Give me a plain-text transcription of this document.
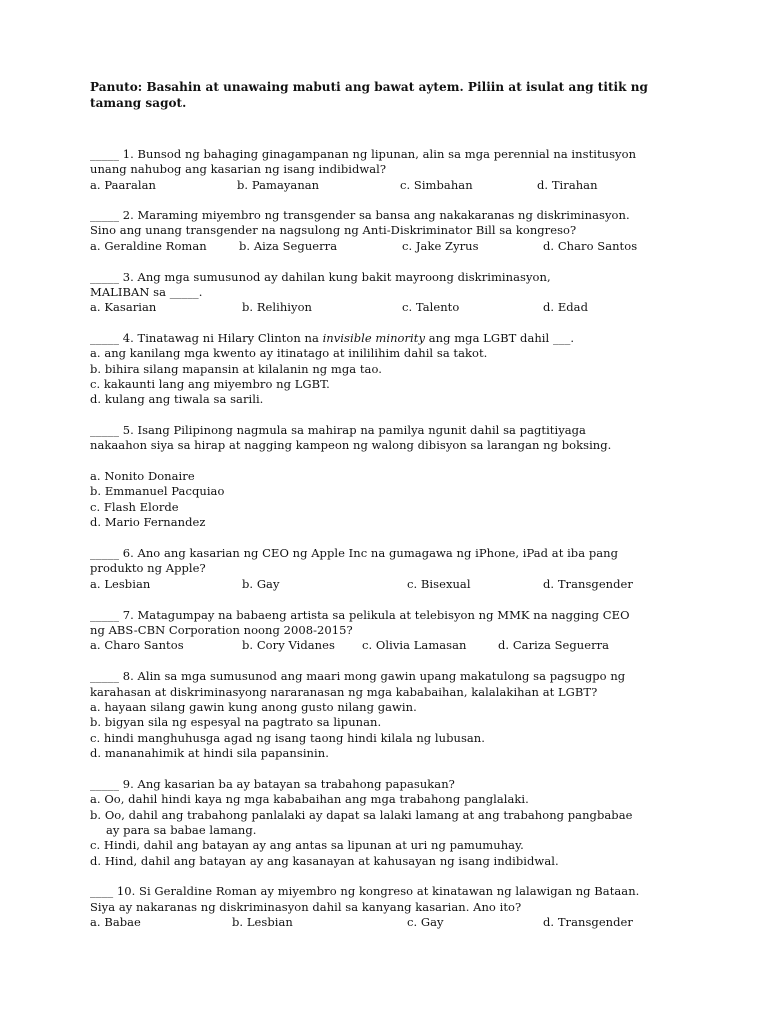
Panuto: Basahin at unawaing mabuti ang bawat aytem. Piliin at isulat ang titik ng
tamang sagot.
_____ 1. Bunsod ng bahaging ginagampanan ng lipunan, alin sa mga perennial na institusyon
unang nahubog ang kasarian ng isang indibidwal?
a. Paaralan	b. Pamayanan	c. Simbahan	d. Tirahan
_____ 2. Maraming miyembro ng transgender sa bansa ang nakakaranas ng diskriminasyon.
Sino ang unang transgender na nagsulong ng Anti-Diskriminator Bill sa kongreso?
a. Geraldine Roman	b. Aiza Seguerra	c. Jake Zyrus	d. Charo Santos
_____ 3. Ang mga sumusunod ay dahilan kung bakit mayroong diskriminasyon,
MALIBAN sa _____.
a. Kasarian	b. Relihiyon	c. Talento	d. Edad
_____ 4. Tinatawag ni Hilary Clinton na invisible minority ang mga LGBT dahil ___.
a. ang kanilang mga kwento ay itinatago at inililihim dahil sa takot.
b. bihira silang mapansin at kilalanin ng mga tao.
c. kakaunti lang ang miyembro ng LGBT.
d. kulang ang tiwala sa sarili.
_____ 5. Isang Pilipinong nagmula sa mahirap na pamilya ngunit dahil sa pagtitiyaga
nakaahon siya sa hirap at nagging kampeon ng walong dibisyon sa larangan ng boksing.
a. Nonito Donaire
b. Emmanuel Pacquiao
c. Flash Elorde
d. Mario Fernandez
_____ 6. Ano ang kasarian ng CEO ng Apple Inc na gumagawa ng iPhone, iPad at iba pang
produkto ng Apple?
a. Lesbian	b. Gay	c. Bisexual	d. Transgender
_____ 7. Matagumpay na babaeng artista sa pelikula at telebisyon ng MMK na nagging CEO
ng ABS-CBN Corporation noong 2008-2015?
a. Charo Santos	b. Cory Vidanes c. Olivia Lamasan	d. Cariza Seguerra
_____ 8. Alin sa mga sumusunod ang maari mong gawin upang makatulong sa pagsugpo ng
karahasan at diskriminasyong nararanasan ng mga kababaihan, kalalakihan at LGBT?
a. hayaan silang gawin kung anong gusto nilang gawin.
b. bigyan sila ng espesyal na pagtrato sa lipunan.
c. hindi manghuhusga agad ng isang taong hindi kilala ng lubusan.
d. mananahimik at hindi sila papansinin.
_____ 9. Ang kasarian ba ay batayan sa trabahong papasukan?
a. Oo, dahil hindi kaya ng mga kababaihan ang mga trabahong panglalaki.
b. Oo, dahil ang trabahong panlalaki ay dapat sa lalaki lamang at ang trabahong pangbabae
ay para sa babae lamang.
c. Hindi, dahil ang batayan ay ang antas sa lipunan at uri ng pamumuhay.
d. Hind, dahil ang batayan ay ang kasanayan at kahusayan ng isang indibidwal.
____ 10. Si Geraldine Roman ay miyembro ng kongreso at kinatawan ng lalawigan ng Bataan.
Siya ay nakaranas ng diskriminasyon dahil sa kanyang kasarian. Ano ito?
a. Babae	b. Lesbian	c. Gay	d. Transgender
